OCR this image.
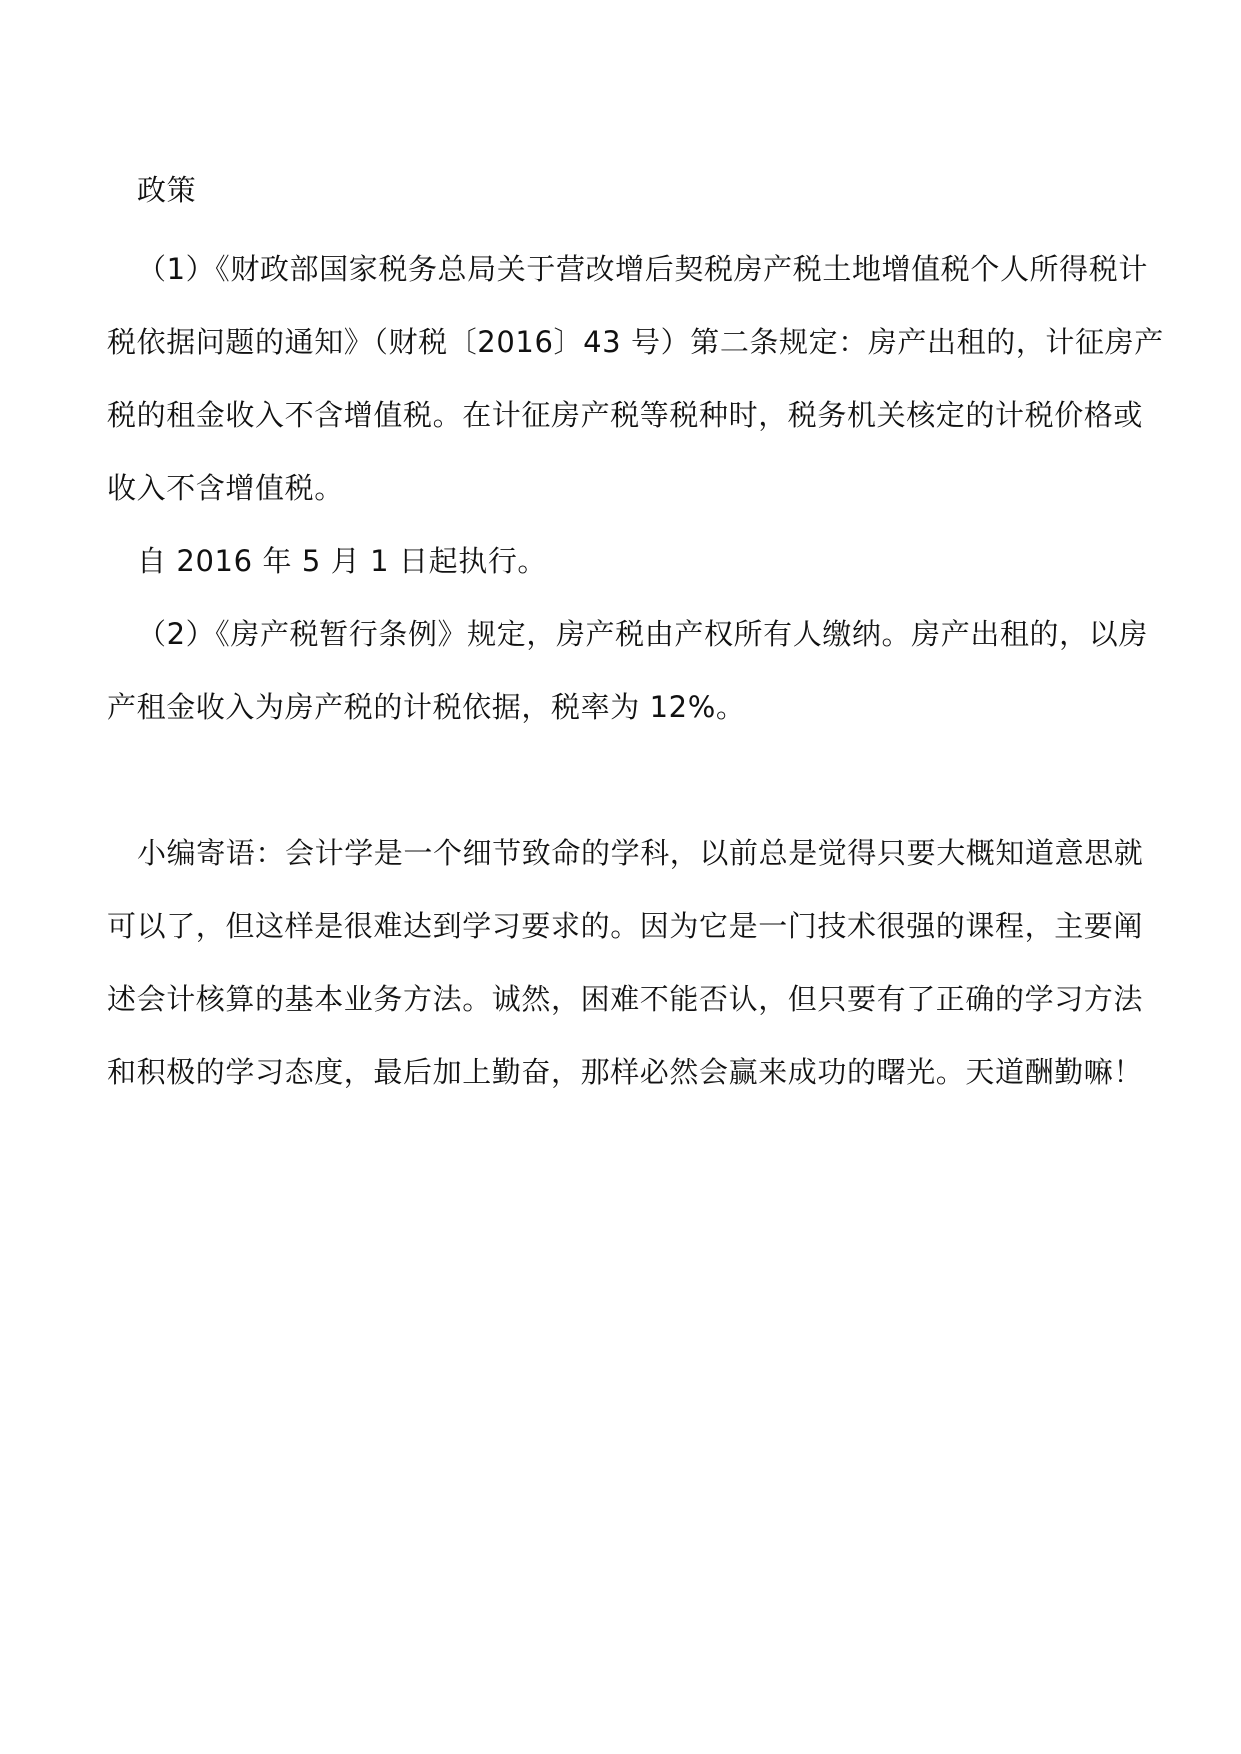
政策
（1）《财政部国家税务总局关于营改增后契税房产税土地增值税个人所得税计
税依据问题的通知》（财税〔2016〕43 号）第二条规定：房产出租的，计征房产
税的租金收入不含增值税。在计征房产税等税种时，税务机关核定的计税价格或
收入不含增值税。
自 2016 年 5 月 1 日起执行。
（2）《房产税暂行条例》规定，房产税由产权所有人缴纳。房产出租的，以房
产租金收入为房产税的计税依据，税率为 12%。
小编寄语：会计学是一个细节致命的学科，以前总是觉得只要大概知道意思就
可以了，但这样是很难达到学习要求的。因为它是一门技术很强的课程，主要阐
述会计核算的基本业务方法。诚然，困难不能否认，但只要有了正确的学习方法
和积极的学习态度，最后加上勤奋，那样必然会赢来成功的曙光。天道酬勤嘛！
